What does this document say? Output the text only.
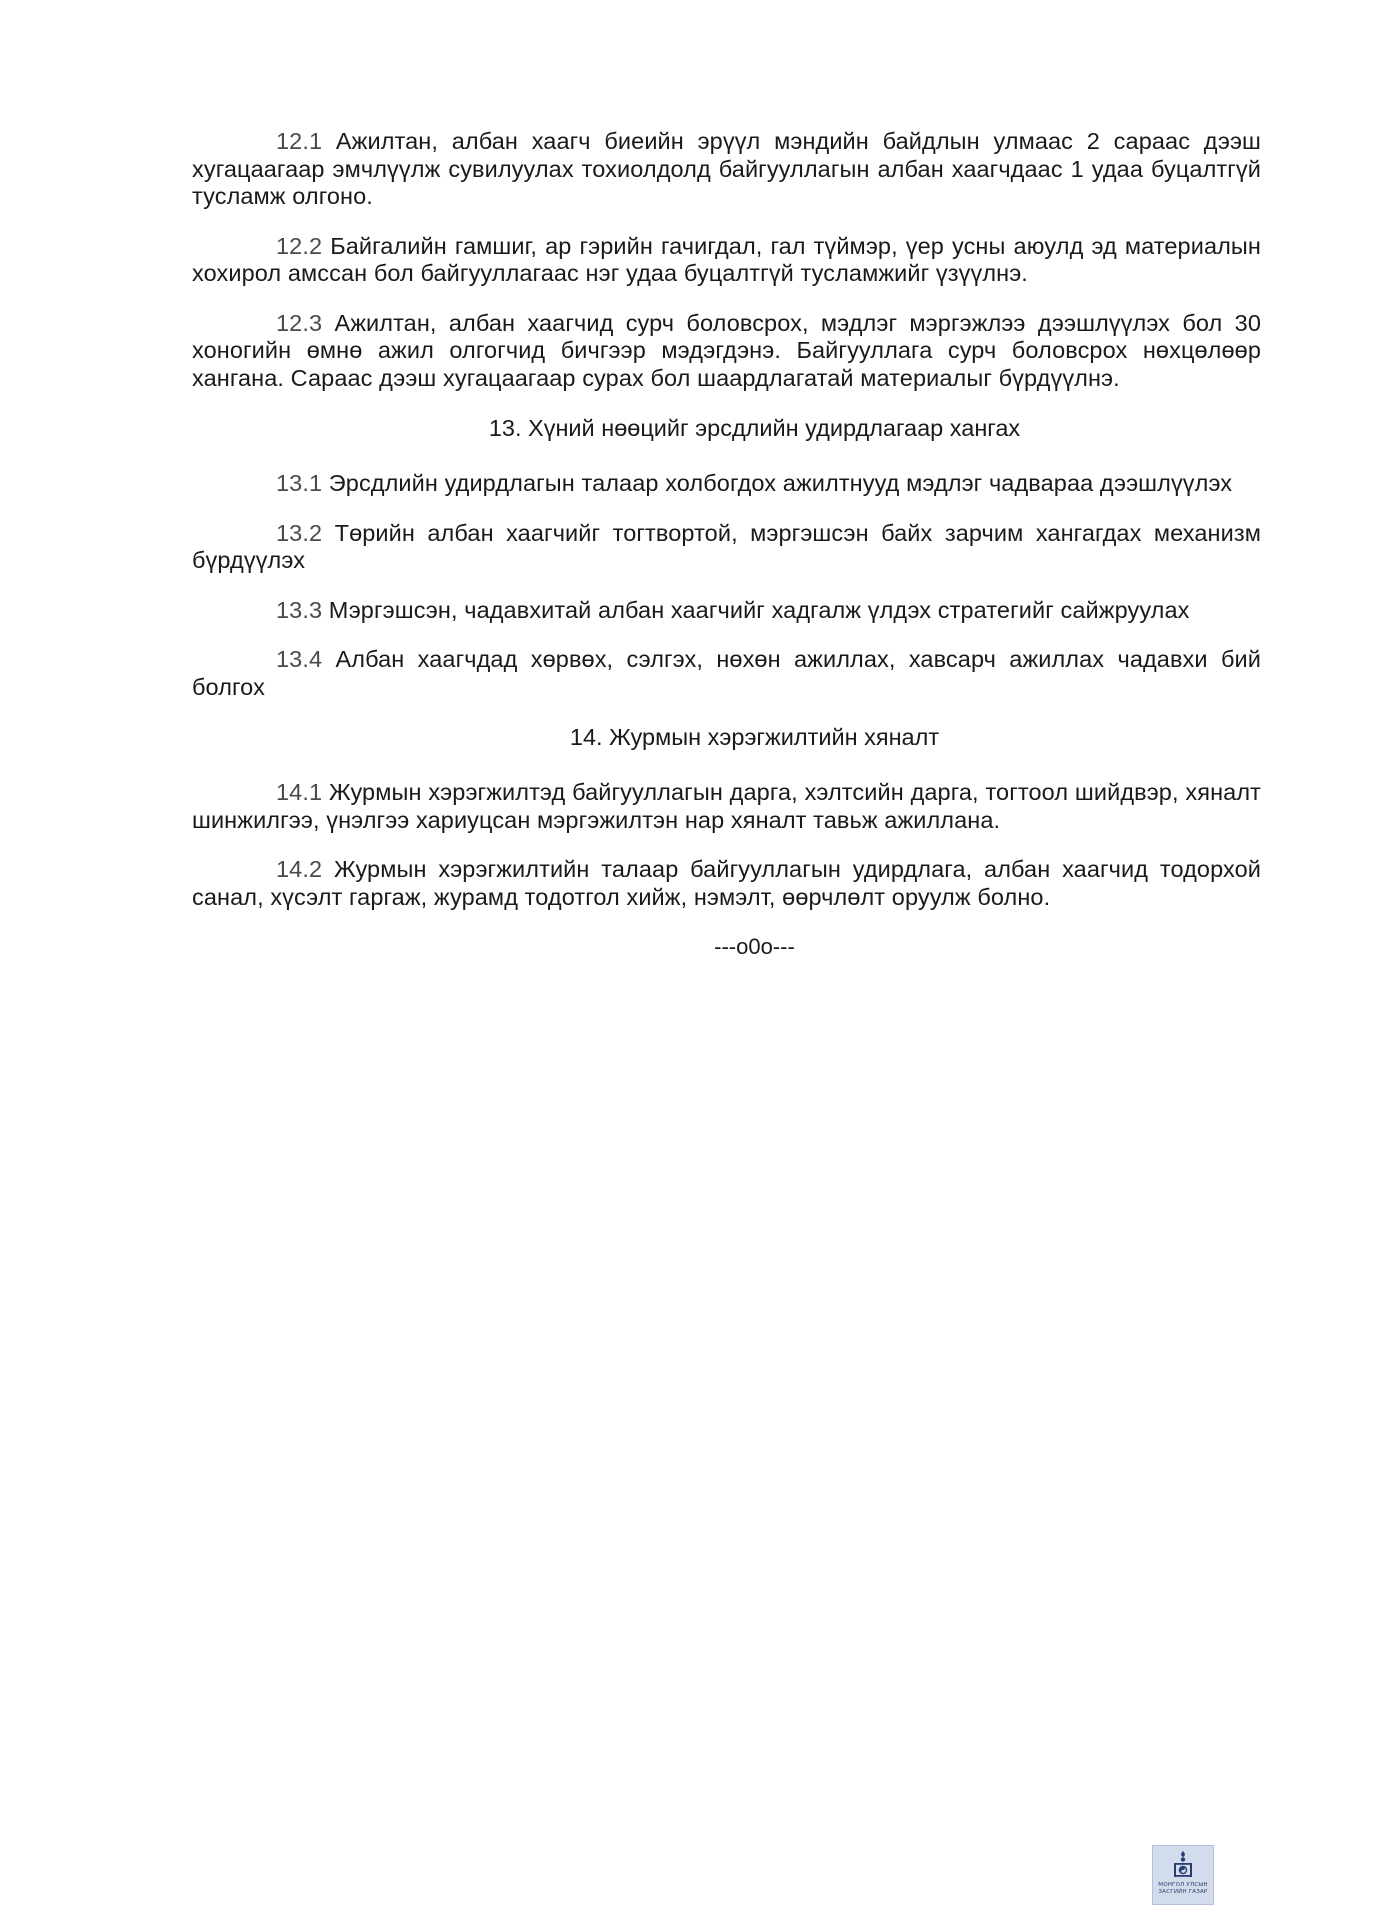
12.1 Ажилтан, албан хаагч биеийн эрүүл мэндийн байдлын улмаас 2 сараас дээш хугацаагаар эмчлүүлж сувилуулах тохиолдолд байгууллагын албан хаагчдаас 1 удаа буцалтгүй тусламж олгоно.

12.2 Байгалийн гамшиг, ар гэрийн гачигдал, гал түймэр, үер усны аюулд эд материалын хохирол амссан бол байгууллагаас нэг удаа буцалтгүй тусламжийг үзүүлнэ.

12.3 Ажилтан, албан хаагчид сурч боловсрох, мэдлэг мэргэжлээ дээшлүүлэх бол 30 хоногийн өмнө ажил олгогчид бичгээр мэдэгдэнэ. Байгууллага сурч боловсрох нөхцөлөөр хангана. Сараас дээш хугацаагаар сурах бол шаардлагатай материалыг бүрдүүлнэ.

13. Хүний нөөцийг эрсдлийн удирдлагаар хангах

13.1 Эрсдлийн удирдлагын талаар холбогдох ажилтнууд мэдлэг чадвараа дээшлүүлэх

13.2 Төрийн албан хаагчийг тогтвортой, мэргэшсэн байх зарчим хангагдах механизм бүрдүүлэх

13.3 Мэргэшсэн, чадавхитай албан хаагчийг хадгалж үлдэх стратегийг сайжруулах

13.4 Албан хаагчдад хөрвөх, сэлгэх, нөхөн ажиллах, хавсарч ажиллах чадавхи бий болгох

14. Журмын хэрэгжилтийн хяналт

14.1 Журмын хэрэгжилтэд байгууллагын дарга, хэлтсийн дарга, тогтоол шийдвэр, хяналт шинжилгээ, үнэлгээ хариуцсан мэргэжилтэн нар хяналт тавьж ажиллана.

14.2 Журмын хэрэгжилтийн талаар байгууллагын удирдлага, албан хаагчид тодорхой санал, хүсэлт гаргаж, журамд тодотгол хийж, нэмэлт, өөрчлөлт оруулж болно.

---o0o---
МОНГОЛ УЛСЫН
ЗАСГИЙН ГАЗАР
